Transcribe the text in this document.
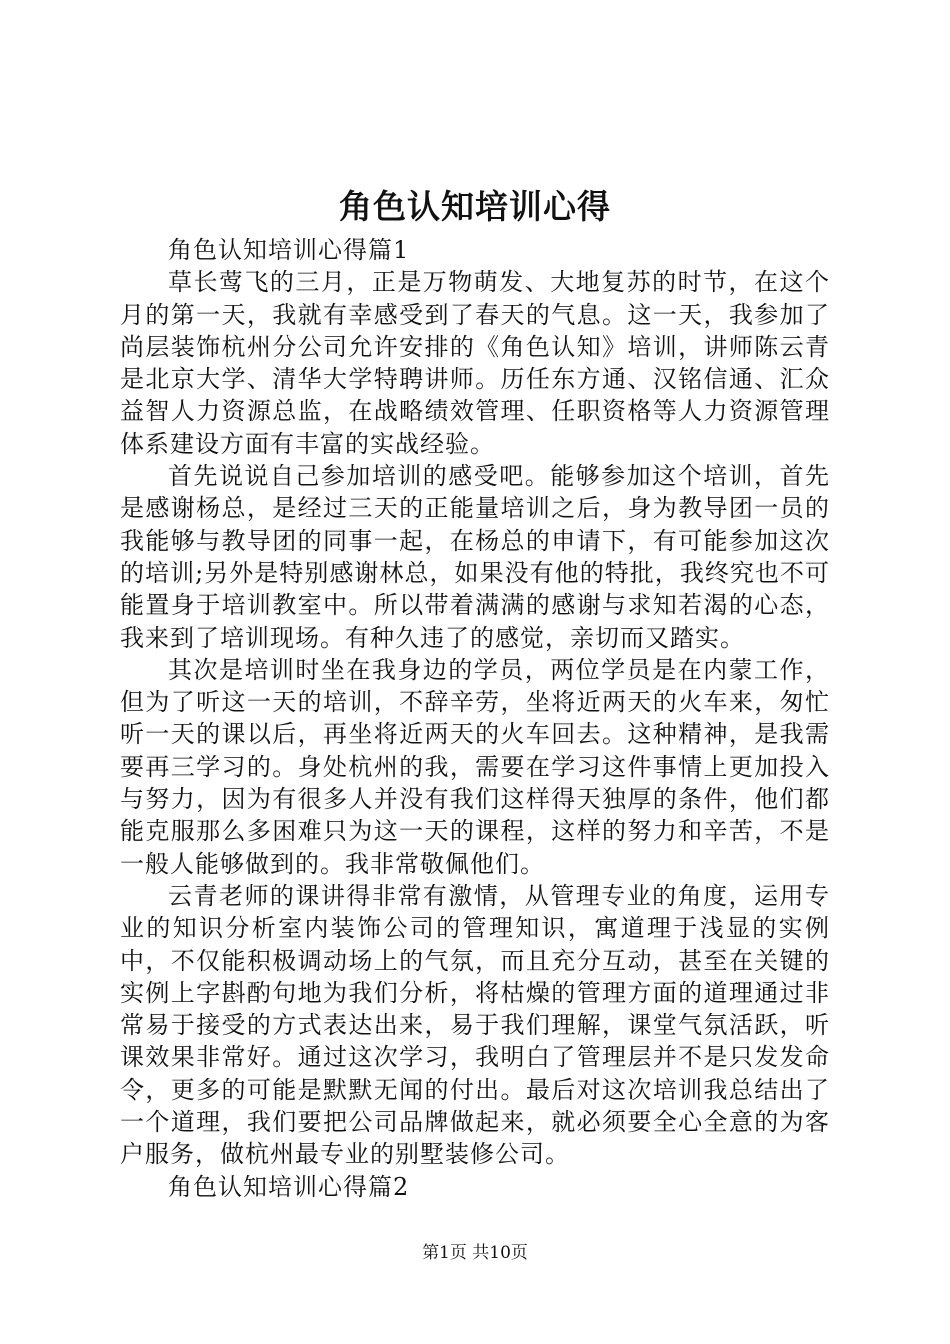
角色认知培训心得

角色认知培训心得篇1

草长莺飞的三月，正是万物萌发、大地复苏的时节，在这个月的第一天，我就有幸感受到了春天的气息。这一天，我参加了尚层装饰杭州分公司允许安排的《角色认知》培训，讲师陈云青是北京大学、清华大学特聘讲师。历任东方通、汉铭信通、汇众益智人力资源总监，在战略绩效管理、任职资格等人力资源管理体系建设方面有丰富的实战经验。

首先说说自己参加培训的感受吧。能够参加这个培训，首先是感谢杨总，是经过三天的正能量培训之后，身为教导团一员的我能够与教导团的同事一起，在杨总的申请下，有可能参加这次的培训;另外是特别感谢林总，如果没有他的特批，我终究也不可能置身于培训教室中。所以带着满满的感谢与求知若渴的心态，我来到了培训现场。有种久违了的感觉，亲切而又踏实。

其次是培训时坐在我身边的学员，两位学员是在内蒙工作，但为了听这一天的培训，不辞辛劳，坐将近两天的火车来，匆忙听一天的课以后，再坐将近两天的火车回去。这种精神，是我需要再三学习的。身处杭州的我，需要在学习这件事情上更加投入与努力，因为有很多人并没有我们这样得天独厚的条件，他们都能克服那么多困难只为这一天的课程，这样的努力和辛苦，不是一般人能够做到的。我非常敬佩他们。

云青老师的课讲得非常有激情，从管理专业的角度，运用专业的知识分析室内装饰公司的管理知识，寓道理于浅显的实例中，不仅能积极调动场上的气氛，而且充分互动，甚至在关键的实例上字斟酌句地为我们分析，将枯燥的管理方面的道理通过非常易于接受的方式表达出来，易于我们理解，课堂气氛活跃，听课效果非常好。通过这次学习，我明白了管理层并不是只发发命令，更多的可能是默默无闻的付出。最后对这次培训我总结出了一个道理，我们要把公司品牌做起来，就必须要全心全意的为客户服务，做杭州最专业的别墅装修公司。

角色认知培训心得篇2

第1页 共10页
